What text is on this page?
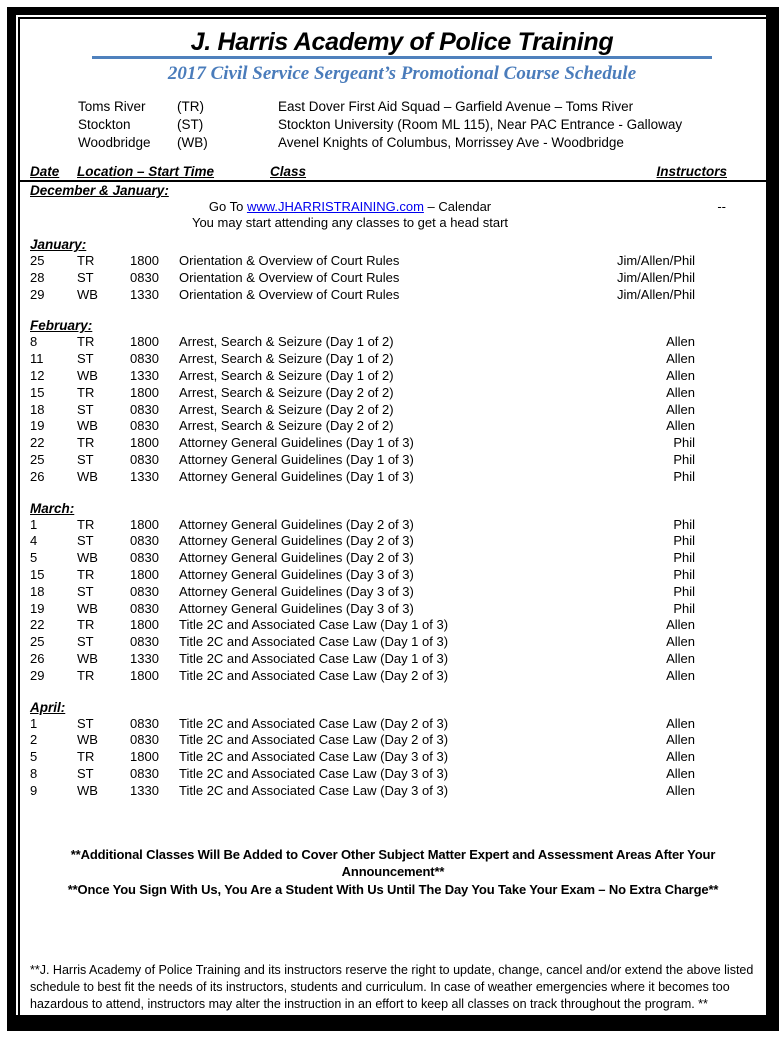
J. Harris Academy of Police Training
2017 Civil Service Sergeant’s Promotional Course Schedule
Toms River	(TR)	East Dover First Aid Squad – Garfield Avenue – Toms River
Stockton	(ST)	Stockton University (Room ML 115), Near PAC Entrance - Galloway
Woodbridge	(WB)	Avenel Knights of Columbus, Morrissey Ave - Woodbridge
Date Location – Start Time	Class	Instructors
December & January:
Go To www.JHARRISTRAINING.com – Calendar	--
You may start attending any classes to get a head start
January:
25	TR	1800	Orientation & Overview of Court Rules	Jim/Allen/Phil
28	ST	0830	Orientation & Overview of Court Rules	Jim/Allen/Phil
29	WB	1330	Orientation & Overview of Court Rules	Jim/Allen/Phil
February:
8	TR	1800	Arrest, Search & Seizure (Day 1 of 2)	Allen
11	ST	0830	Arrest, Search & Seizure (Day 1 of 2)	Allen
12	WB	1330	Arrest, Search & Seizure (Day 1 of 2)	Allen
15	TR	1800	Arrest, Search & Seizure (Day 2 of 2)	Allen
18	ST	0830	Arrest, Search & Seizure (Day 2 of 2)	Allen
19	WB	0830	Arrest, Search & Seizure (Day 2 of 2)	Allen
22	TR	1800	Attorney General Guidelines (Day 1 of 3)	Phil
25	ST	0830	Attorney General Guidelines (Day 1 of 3)	Phil
26	WB	1330	Attorney General Guidelines (Day 1 of 3)	Phil
March:
1	TR	1800	Attorney General Guidelines (Day 2 of 3)	Phil
4	ST	0830	Attorney General Guidelines (Day 2 of 3)	Phil
5	WB	0830	Attorney General Guidelines (Day 2 of 3)	Phil
15	TR	1800	Attorney General Guidelines (Day 3 of 3)	Phil
18	ST	0830	Attorney General Guidelines (Day 3 of 3)	Phil
19	WB	0830	Attorney General Guidelines (Day 3 of 3)	Phil
22	TR	1800	Title 2C and Associated Case Law (Day 1 of 3)	Allen
25	ST	0830	Title 2C and Associated Case Law (Day 1 of 3)	Allen
26	WB	1330	Title 2C and Associated Case Law (Day 1 of 3)	Allen
29	TR	1800	Title 2C and Associated Case Law (Day 2 of 3)	Allen
April:
1	ST	0830	Title 2C and Associated Case Law (Day 2 of 3)	Allen
2	WB	0830	Title 2C and Associated Case Law (Day 2 of 3)	Allen
5	TR	1800	Title 2C and Associated Case Law (Day 3 of 3)	Allen
8	ST	0830	Title 2C and Associated Case Law (Day 3 of 3)	Allen
9	WB	1330	Title 2C and Associated Case Law (Day 3 of 3)	Allen
**Additional Classes Will Be Added to Cover Other Subject Matter Expert and Assessment Areas After Your Announcement**
**Once You Sign With Us, You Are a Student With Us Until The Day You Take Your Exam – No Extra Charge**
**J. Harris Academy of Police Training and its instructors reserve the right to update, change, cancel and/or extend the above listed schedule to best fit the needs of its instructors, students and curriculum. In case of weather emergencies where it becomes too hazardous to attend, instructors may alter the instruction in an effort to keep all classes on track throughout the program. **
